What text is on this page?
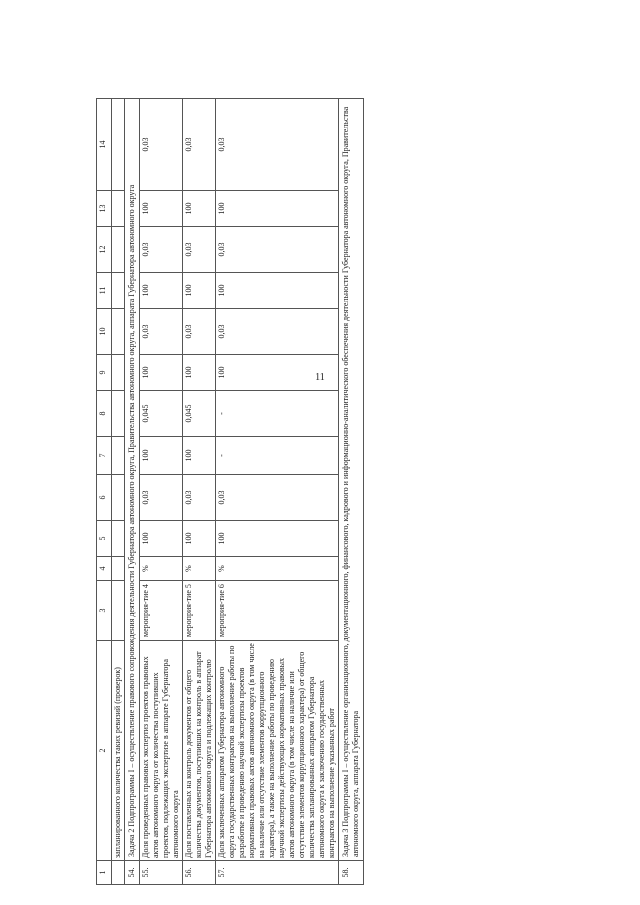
11
1	2	3	4	5	6	7	8	9	10	11	12	13	14
	запланированного количества таких ревизий (проверок)												
54.	Задача 2 Подпрограммы I – осуществление правового сопровождения деятельности Губернатора автономного округа, Правительства автономного округа, аппарата Губернатора автономного округа												
55.	Доля проведенных правовых экспертиз проектов правовых актов автономного округа от количества поступивших проектов, подлежащих экспертизе в аппарате Губернатора автономного округа	мероприя-тие 4	%	100	0,03	100	0,045	100	0,03	100	0,03	100	0,03
56.	Доля поставленных на контроль документов от общего количества документов, поступивших на контроль в аппарат Губернатора автономного округа и подлежащих контролю	мероприя-тие 5	%	100	0,03	100	0,045	100	0,03	100	0,03	100	0,03
57.	Доля заключенных аппаратом Губернатора автономного округа государственных контрактов на выполнение работы по разработке и проведению научной экспертизы проектов нормативных правовых актов автономного округа (в том числе на наличие или отсутствие элементов коррупционного характера), а также на выполнение работы по проведению научной экспертизы действующих нормативных правовых актов автономного округа (в том числе на наличие или отсутствие элементов коррупционного характера) от общего количества запланированных аппаратом Губернатора автономного округа к заключению государственных контрактов на выполнение указанных работ	мероприя-тие 6	%	100	0,03	-	-	100	0,03	100	0,03	100	0,03
58.	Задача 3 Подпрограммы I – осуществление организационного, документационного, финансового, кадрового и информационно-аналитического обеспечения деятельности Губернатора автономного округа, Правительства автономного округа, аппарата Губернатора												
